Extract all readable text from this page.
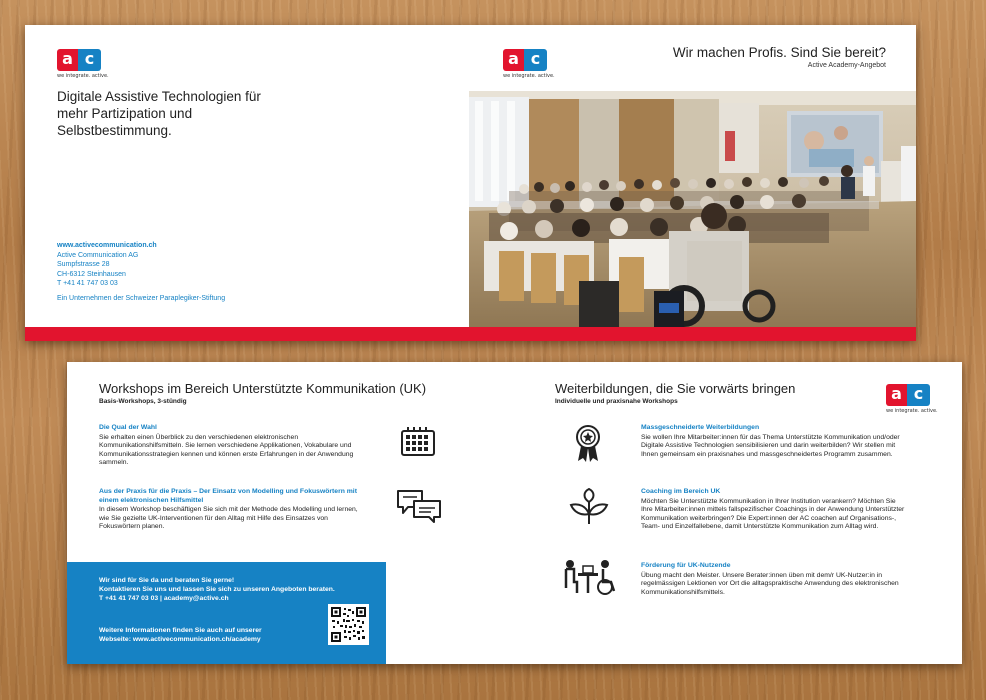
a c
we integrate. active.
Digitale Assistive Technologien für mehr Partizipation und Selbstbestimmung.
www.activecommunication.ch
Active Communication AG
Sumpfstrasse 28
CH-6312 Steinhausen
T +41 41 747 03 03
Ein Unternehmen der Schweizer Paraplegiker-Stiftung
a c
we integrate. active.
Wir machen Profis. Sind Sie bereit?
Active Academy-Angebot
Workshops im Bereich Unterstützte Kommunikation (UK)
Basis-Workshops, 3-stündig
Die Qual der Wahl
Sie erhalten einen Überblick zu den verschiedenen elektronischen Kommunikationshilfsmitteln. Sie lernen verschiedene Applikationen, Vokabulare und Kommunikationsstrategien kennen und können erste Erfahrungen in der Anwendung sammeln.
Aus der Praxis für die Praxis – Der Einsatz von Modelling und Fokuswörtern mit einem elektronischen Hilfsmittel
In diesem Workshop beschäftigen Sie sich mit der Methode des Modelling und lernen, wie Sie gezielte UK-Interventionen für den Alltag mit Hilfe des Einsatzes von Fokuswörtern planen.
Wir sind für Sie da und beraten Sie gerne!
Kontaktieren Sie uns und lassen Sie sich zu unseren Angeboten beraten.
T +41 41 747 03 03 | academy@active.ch
Weitere Informationen finden Sie auch auf unserer
Webseite: www.activecommunication.ch/academy
Weiterbildungen, die Sie vorwärts bringen
Individuelle und praxisnahe Workshops	a c
we integrate. active.
Massgeschneiderte Weiterbildungen
Sie wollen Ihre Mitarbeiter:innen für das Thema Unterstützte Kommunikation und/oder Digitale Assistive Technologien sensibilisieren und darin weiterbilden? Wir stellen mit Ihnen gemeinsam ein praxisnahes und massgeschneidertes Programm zusammen.
Coaching im Bereich UK
Möchten Sie Unterstützte Kommunikation in Ihrer Institution verankern? Möchten Sie Ihre Mitarbeiter:innen mittels fallspezifischer Coachings in der Anwendung Unterstützter Kommunikation weiterbringen? Die Expert:innen der AC coachen auf Organisations-, Team- und Einzelfallebene, damit Unterstützte Kommunikation zum Alltag wird.
Förderung für UK-Nutzende
Übung macht den Meister. Unsere Berater:innen üben mit dem/r UK-Nutzer:in in regelmässigen Lektionen vor Ort die alltagspraktische Anwendung des elektronischen Kommunikationshilfsmittels.
